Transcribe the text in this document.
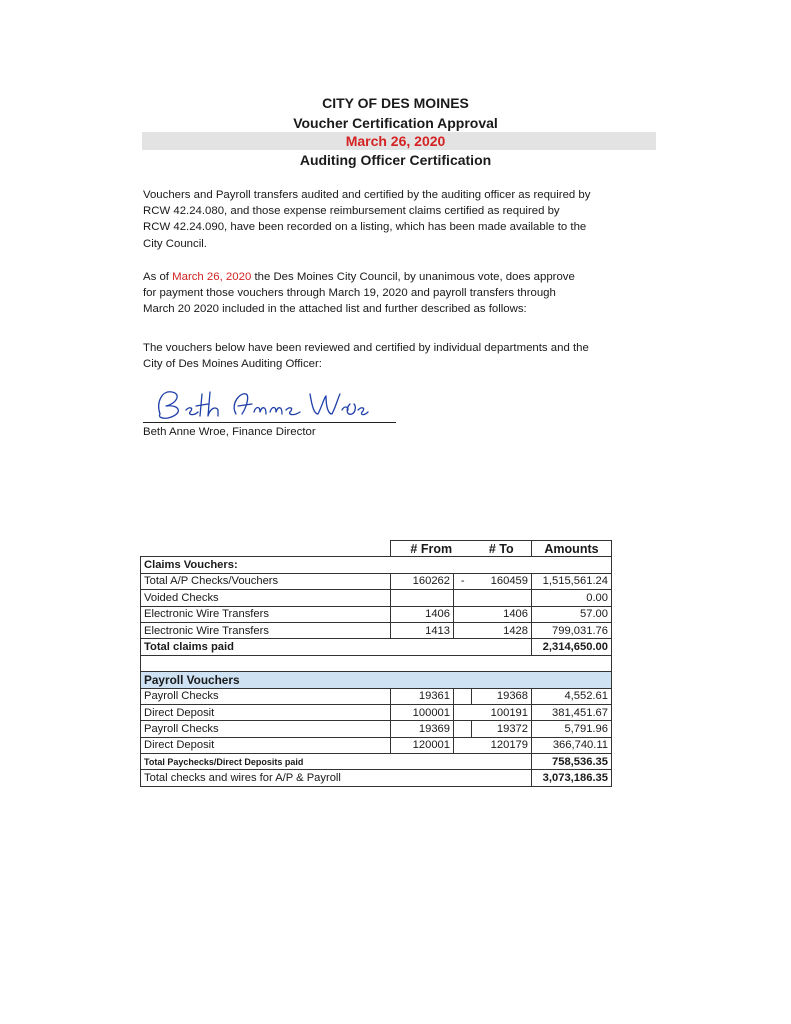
CITY OF DES MOINES
Voucher Certification Approval
March 26, 2020
Auditing Officer Certification
Vouchers and Payroll transfers audited and certified by the auditing officer as required by
RCW 42.24.080, and those expense reimbursement claims certified as required by
RCW 42.24.090, have been recorded on a listing, which has been made available to the
City Council.
As of March 26, 2020 the Des Moines City Council, by unanimous vote, does approve
for payment those vouchers through March 19, 2020 and payroll transfers through
March 20 2020 included in the attached list and further described as follows:
The vouchers below have been reviewed and certified by individual departments and the
City of Des Moines Auditing Officer:
Beth Anne Wroe, Finance Director
	# From		# To	Amounts
Claims Vouchers:				
Total A/P Checks/Vouchers	160262	-	160459	1,515,561.24
Voided Checks				0.00
Electronic Wire Transfers	1406		1406	57.00
Electronic Wire Transfers	1413		1428	799,031.76
Total claims paid				2,314,650.00

Payroll Vouchers				
Payroll Checks	19361		19368	4,552.61
Direct Deposit	100001		100191	381,451.67
Payroll Checks	19369		19372	5,791.96
Direct Deposit	120001		120179	366,740.11
Total Paychecks/Direct Deposits paid				758,536.35
Total checks and wires for A/P & Payroll				3,073,186.35
